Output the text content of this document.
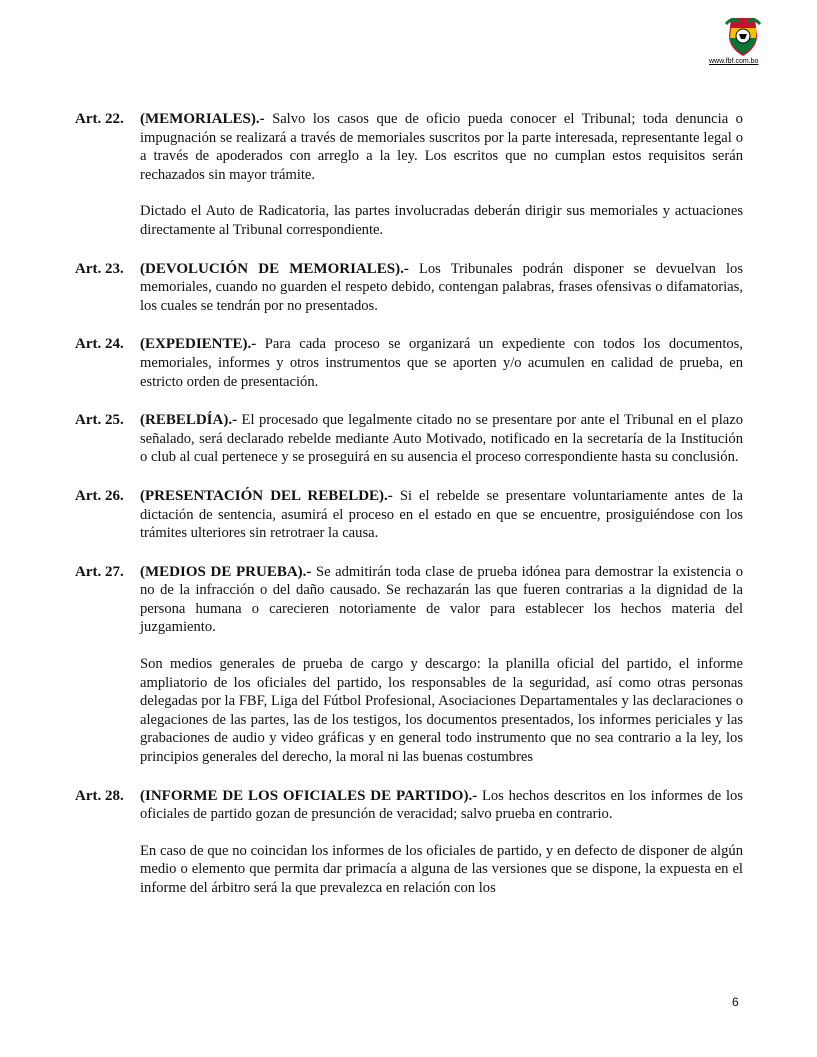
www.fbf.com.bo
Art. 22. (MEMORIALES).- Salvo los casos que de oficio pueda conocer el Tribunal; toda denuncia o impugnación se realizará a través de memoriales suscritos por la parte interesada, representante legal o a través de apoderados con arreglo a la ley. Los escritos que no cumplan estos requisitos serán rechazados sin mayor trámite.

Dictado el Auto de Radicatoria, las partes involucradas deberán dirigir sus memoriales y actuaciones directamente al Tribunal correspondiente.

Art. 23. (DEVOLUCIÓN DE MEMORIALES).- Los Tribunales podrán disponer se devuelvan los memoriales, cuando no guarden el respeto debido, contengan palabras, frases ofensivas o difamatorias, los cuales se tendrán por no presentados.

Art. 24. (EXPEDIENTE).- Para cada proceso se organizará un expediente con todos los documentos, memoriales, informes y otros instrumentos que se aporten y/o acumulen en calidad de prueba, en estricto orden de presentación.

Art. 25. (REBELDÍA).- El procesado que legalmente citado no se presentare por ante el Tribunal en el plazo señalado, será declarado rebelde mediante Auto Motivado, notificado en la secretaría de la Institución o club al cual pertenece y se proseguirá en su ausencia el proceso correspondiente hasta su conclusión.

Art. 26. (PRESENTACIÓN DEL REBELDE).- Si el rebelde se presentare voluntariamente antes de la dictación de sentencia, asumirá el proceso en el estado en que se encuentre, prosiguiéndose con los trámites ulteriores sin retrotraer la causa.

Art. 27. (MEDIOS DE PRUEBA).- Se admitirán toda clase de prueba idónea para demostrar la existencia o no de la infracción o del daño causado. Se rechazarán las que fueren contrarias a la dignidad de la persona humana o carecieren notoriamente de valor para establecer los hechos materia del juzgamiento.

Son medios generales de prueba de cargo y descargo: la planilla oficial del partido, el informe ampliatorio de los oficiales del partido, los responsables de la seguridad, así como otras personas delegadas por la FBF, Liga del Fútbol Profesional, Asociaciones Departamentales y las declaraciones o alegaciones de las partes, las de los testigos, los documentos presentados, los informes periciales y las grabaciones de audio y video gráficas y en general todo instrumento que no sea contrario a la ley, los principios generales del derecho, la moral ni las buenas costumbres

Art. 28. (INFORME DE LOS OFICIALES DE PARTIDO).- Los hechos descritos en los informes de los oficiales de partido gozan de presunción de veracidad; salvo prueba en contrario.

En caso de que no coincidan los informes de los oficiales de partido, y en defecto de disponer de algún medio o elemento que permita dar primacía a alguna de las versiones que se dispone, la expuesta en el informe del árbitro será la que prevalezca en relación con los

6
